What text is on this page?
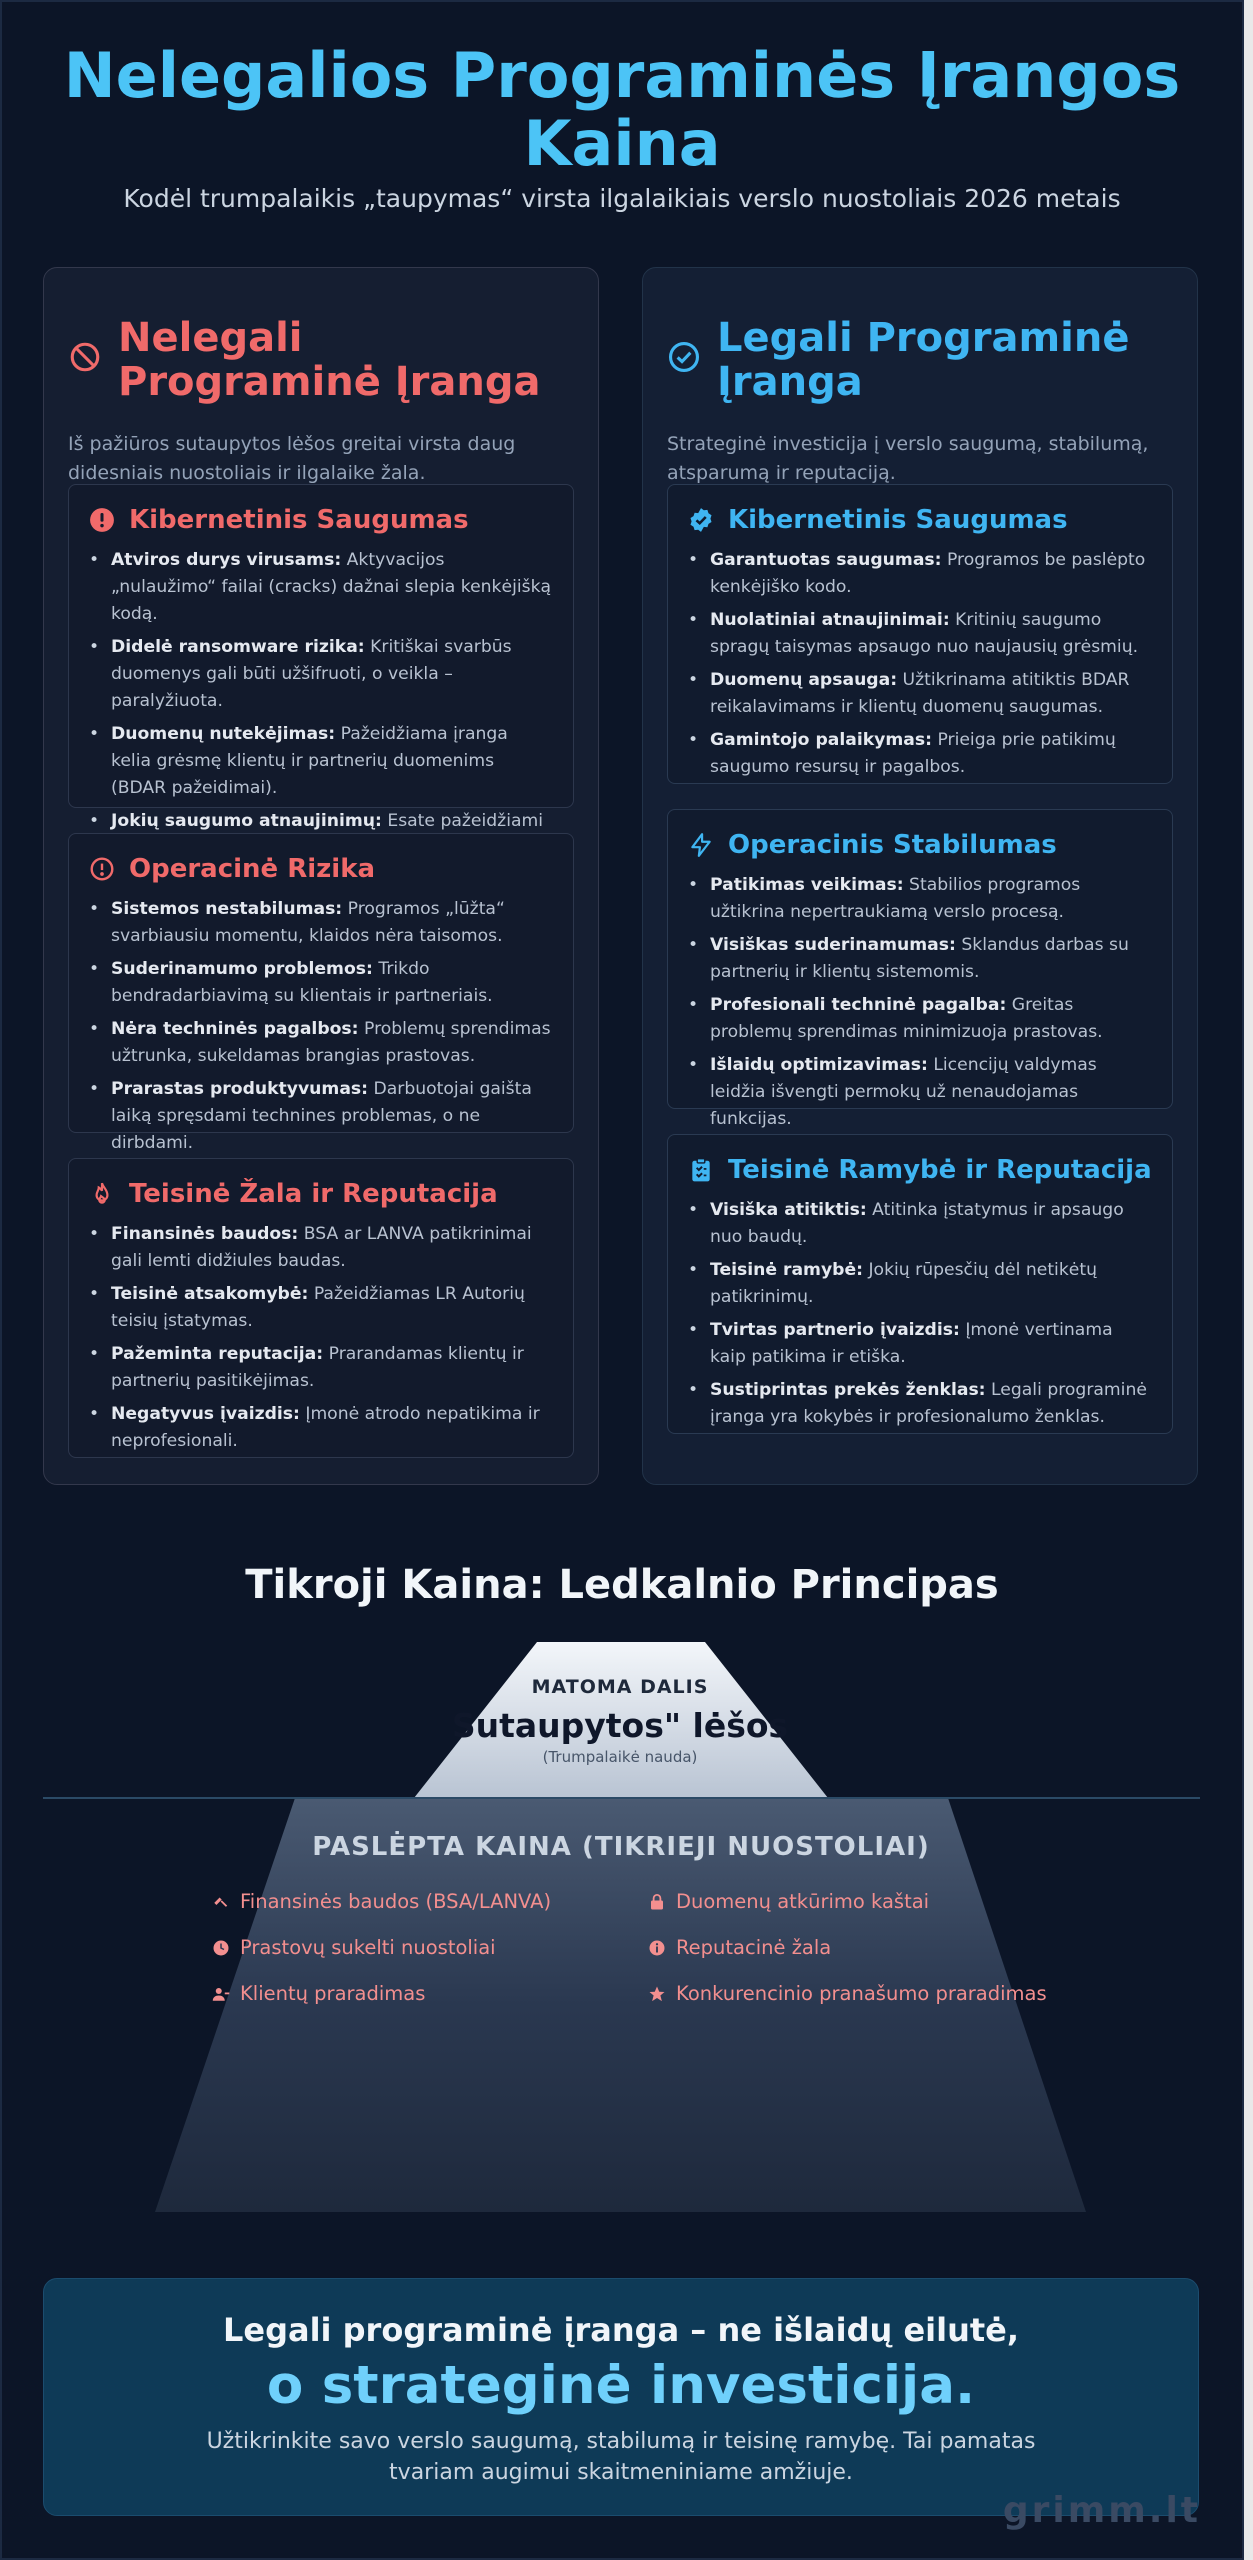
Nelegalios Programinės Įrangos Kaina

Kodėl trumpalaikis „taupymas“ virsta ilgalaikiais verslo nuostoliais 2026 metais

Nelegali Programinė Įranga

Iš pažiūros sutaupytos lėšos greitai virsta daug didesniais nuostoliais ir ilgalaike žala.

Kibernetinis Saugumas
• Atviros durys virusams: Aktyvacijos „nulaužimo“ failai (cracks) dažnai slepia kenkėjišką kodą.
• Didelė ransomware rizika: Kritiškai svarbūs duomenys gali būti užšifruoti, o veikla – paralyžiuota.
• Duomenų nutekėjimas: Pažeidžiama įranga kelia grėsmę klientų ir partnerių duomenims (BDAR pažeidimai).
• Jokių saugumo atnaujinimų: Esate pažeidžiami
Operacinė Rizika
• Sistemos nestabilumas: Programos „lūžta“ svarbiausiu momentu, klaidos nėra taisomos.
• Suderinamumo problemos: Trikdo bendradarbiavimą su klientais ir partneriais.
• Nėra techninės pagalbos: Problemų sprendimas užtrunka, sukeldamas brangias prastovas.
• Prarastas produktyvumas: Darbuotojai gaišta laiką spręsdami technines problemas, o ne dirbdami.
Teisinė Žala ir Reputacija
• Finansinės baudos: BSA ar LANVA patikrinimai gali lemti didžiules baudas.
• Teisinė atsakomybė: Pažeidžiamas LR Autorių teisių įstatymas.
• Pažeminta reputacija: Prarandamas klientų ir partnerių pasitikėjimas.
• Negatyvus įvaizdis: Įmonė atrodo nepatikima ir neprofesionali.
Legali Programinė Įranga

Strateginė investicija į verslo saugumą, stabilumą, atsparumą ir reputaciją.

Kibernetinis Saugumas
• Garantuotas saugumas: Programos be paslėpto kenkėjiško kodo.
• Nuolatiniai atnaujinimai: Kritinių saugumo spragų taisymas apsaugo nuo naujausių grėsmių.
• Duomenų apsauga: Užtikrinama atitiktis BDAR reikalavimams ir klientų duomenų saugumas.
• Gamintojo palaikymas: Prieiga prie patikimų saugumo resursų ir pagalbos.
Operacinis Stabilumas
• Patikimas veikimas: Stabilios programos užtikrina nepertraukiamą verslo procesą.
• Visiškas suderinamumas: Sklandus darbas su partnerių ir klientų sistemomis.
• Profesionali techninė pagalba: Greitas problemų sprendimas minimizuoja prastovas.
• Išlaidų optimizavimas: Licencijų valdymas leidžia išvengti permokų už nenaudojamas funkcijas.
Teisinė Ramybė ir Reputacija
• Visiška atitiktis: Atitinka įstatymus ir apsaugo nuo baudų.
• Teisinė ramybė: Jokių rūpesčių dėl netikėtų patikrinimų.
• Tvirtas partnerio įvaizdis: Įmonė vertinama kaip patikima ir etiška.
• Sustiprintas prekės ženklas: Legali programinė įranga yra kokybės ir profesionalumo ženklas.
Tikroji Kaina: Ledkalnio Principas
MATOMA DALIS
Sutaupytos" lėšos
(Trumpalaikė nauda)
PASLĖPTA KAINA (TIKRIEJI NUOSTOLIAI)
Finansinės baudos (BSA/LANVA)	Duomenų atkūrimo kaštai
Prastovų sukelti nuostoliai	Reputacinė žala
Klientų praradimas	Konkurencinio pranašumo praradimas
Legali programinė įranga – ne išlaidų eilutė,
o strateginė investicija.
Užtikrinkite savo verslo saugumą, stabilumą ir teisinę ramybę. Tai pamatas tvariam augimui skaitmeniniame amžiuje.
grimm.lt
